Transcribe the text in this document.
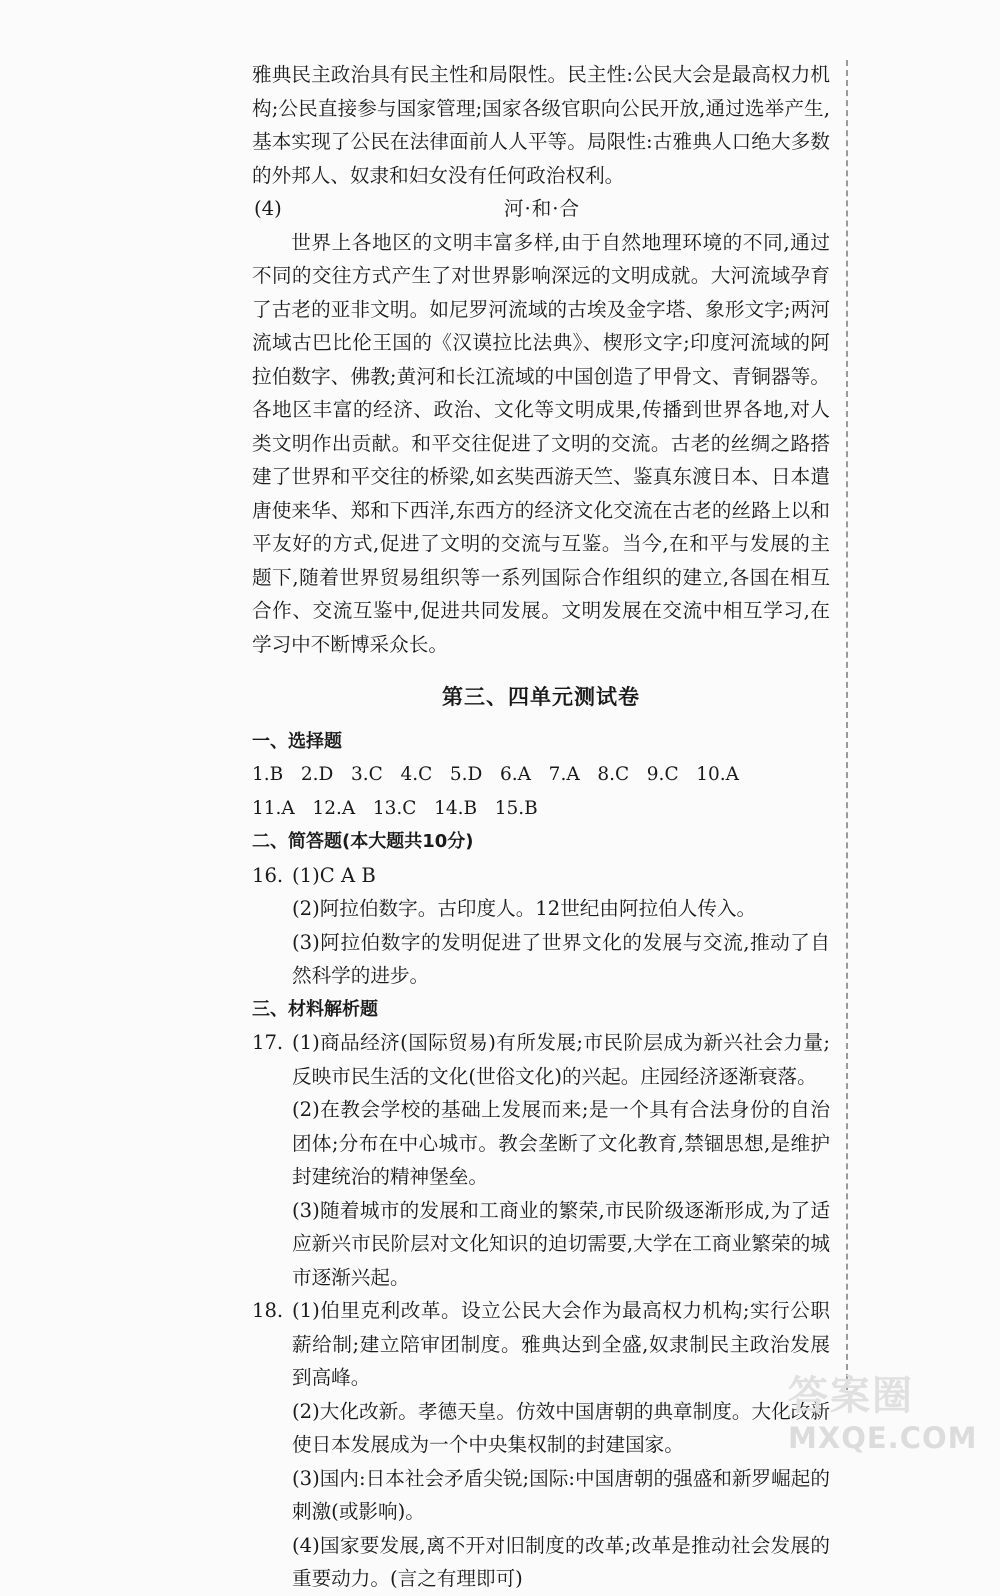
雅典民主政治具有民主性和局限性。民主性:公民大会是最高权力机构;公民直接参与国家管理;国家各级官职向公民开放,通过选举产生,基本实现了公民在法律面前人人平等。局限性:古雅典人口绝大多数的外邦人、奴隶和妇女没有任何政治权利。

(4)	河·和·合

世界上各地区的文明丰富多样,由于自然地理环境的不同,通过不同的交往方式产生了对世界影响深远的文明成就。大河流域孕育了古老的亚非文明。如尼罗河流域的古埃及金字塔、象形文字;两河流域古巴比伦王国的《汉谟拉比法典》、楔形文字;印度河流域的阿拉伯数字、佛教;黄河和长江流域的中国创造了甲骨文、青铜器等。各地区丰富的经济、政治、文化等文明成果,传播到世界各地,对人类文明作出贡献。和平交往促进了文明的交流。古老的丝绸之路搭建了世界和平交往的桥梁,如玄奘西游天竺、鉴真东渡日本、日本遣唐使来华、郑和下西洋,东西方的经济文化交流在古老的丝路上以和平友好的方式,促进了文明的交流与互鉴。当今,在和平与发展的主题下,随着世界贸易组织等一系列国际合作组织的建立,各国在相互合作、交流互鉴中,促进共同发展。文明发展在交流中相互学习,在学习中不断博采众长。

第三、四单元测试卷

一、选择题

1.B   2.D   3.C   4.C   5.D   6.A   7.A   8.C   9.C   10.A

11.A   12.A   13.C   14.B   15.B

二、简答题(本大题共10分)

16. (1)C A B

(2)阿拉伯数字。古印度人。12世纪由阿拉伯人传入。

(3)阿拉伯数字的发明促进了世界文化的发展与交流,推动了自然科学的进步。

三、材料解析题

17. (1)商品经济(国际贸易)有所发展;市民阶层成为新兴社会力量;反映市民生活的文化(世俗文化)的兴起。庄园经济逐渐衰落。

(2)在教会学校的基础上发展而来;是一个具有合法身份的自治团体;分布在中心城市。教会垄断了文化教育,禁锢思想,是维护封建统治的精神堡垒。

(3)随着城市的发展和工商业的繁荣,市民阶级逐渐形成,为了适应新兴市民阶层对文化知识的迫切需要,大学在工商业繁荣的城市逐渐兴起。

18. (1)伯里克利改革。设立公民大会作为最高权力机构;实行公职薪给制;建立陪审团制度。雅典达到全盛,奴隶制民主政治发展到高峰。

(2)大化改新。孝德天皇。仿效中国唐朝的典章制度。大化改新使日本发展成为一个中央集权制的封建国家。

(3)国内:日本社会矛盾尖锐;国际:中国唐朝的强盛和新罗崛起的刺激(或影响)。

(4)国家要发展,离不开对旧制度的改革;改革是推动社会发展的重要动力。(言之有理即可)

答案圈
MXQE.COM
